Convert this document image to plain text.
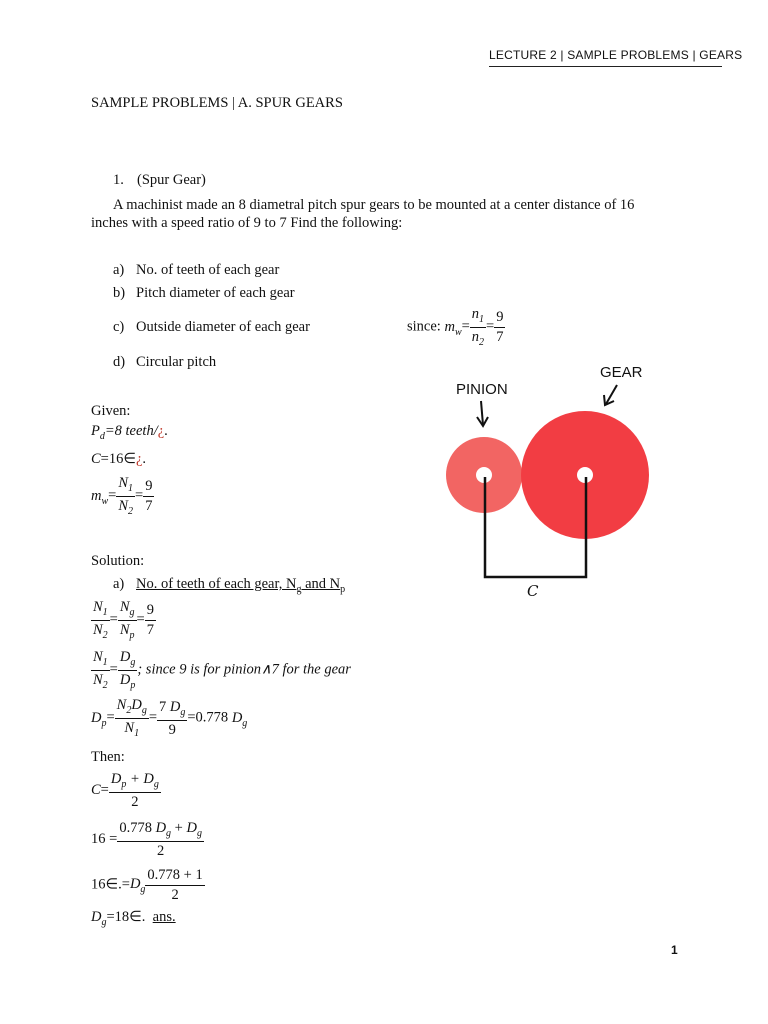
LECTURE 2 | SAMPLE PROBLEMS | GEARS
SAMPLE PROBLEMS | A. SPUR GEARS
1. (Spur Gear)
A machinist made an 8 diametral pitch spur gears to be mounted at a center distance of 16
inches with a speed ratio of 9 to 7 Find the following:
a) No. of teeth of each gear
b) Pitch diameter of each gear
c) Outside diameter of each gear
d) Circular pitch
since: $m_w= \frac{n_1}{n_2} = \frac{9}{7}$
PINION
GEAR
C
Given:
$P_d=8$ teeth/¿.
C=16∈¿.
$m_w= \frac{N_1}{N_2} = \frac{9}{7}$
Solution:
a) No. of teeth of each gear, $N_g$ and $N_p$
$\frac{N_1}{N_2} = \frac{N_g}{N_p} = \frac{9}{7}$
$\frac{N_1}{N_2} = \frac{D_g}{D_p}$ ; since 9 is for pinion∧7 for the gear
$D_p= \frac{N_2D_g}{N_1} = \frac{7 D_g}{9} =0.778$ $D_g$
Then:
$C= \frac{D_p + D_g}{2}$
$16 = \frac{0.778 D_g + D_g}{2}$
$16\in.=D_g \frac{0.778 + 1}{2}$
$D_g=18\in$. ans.
1
